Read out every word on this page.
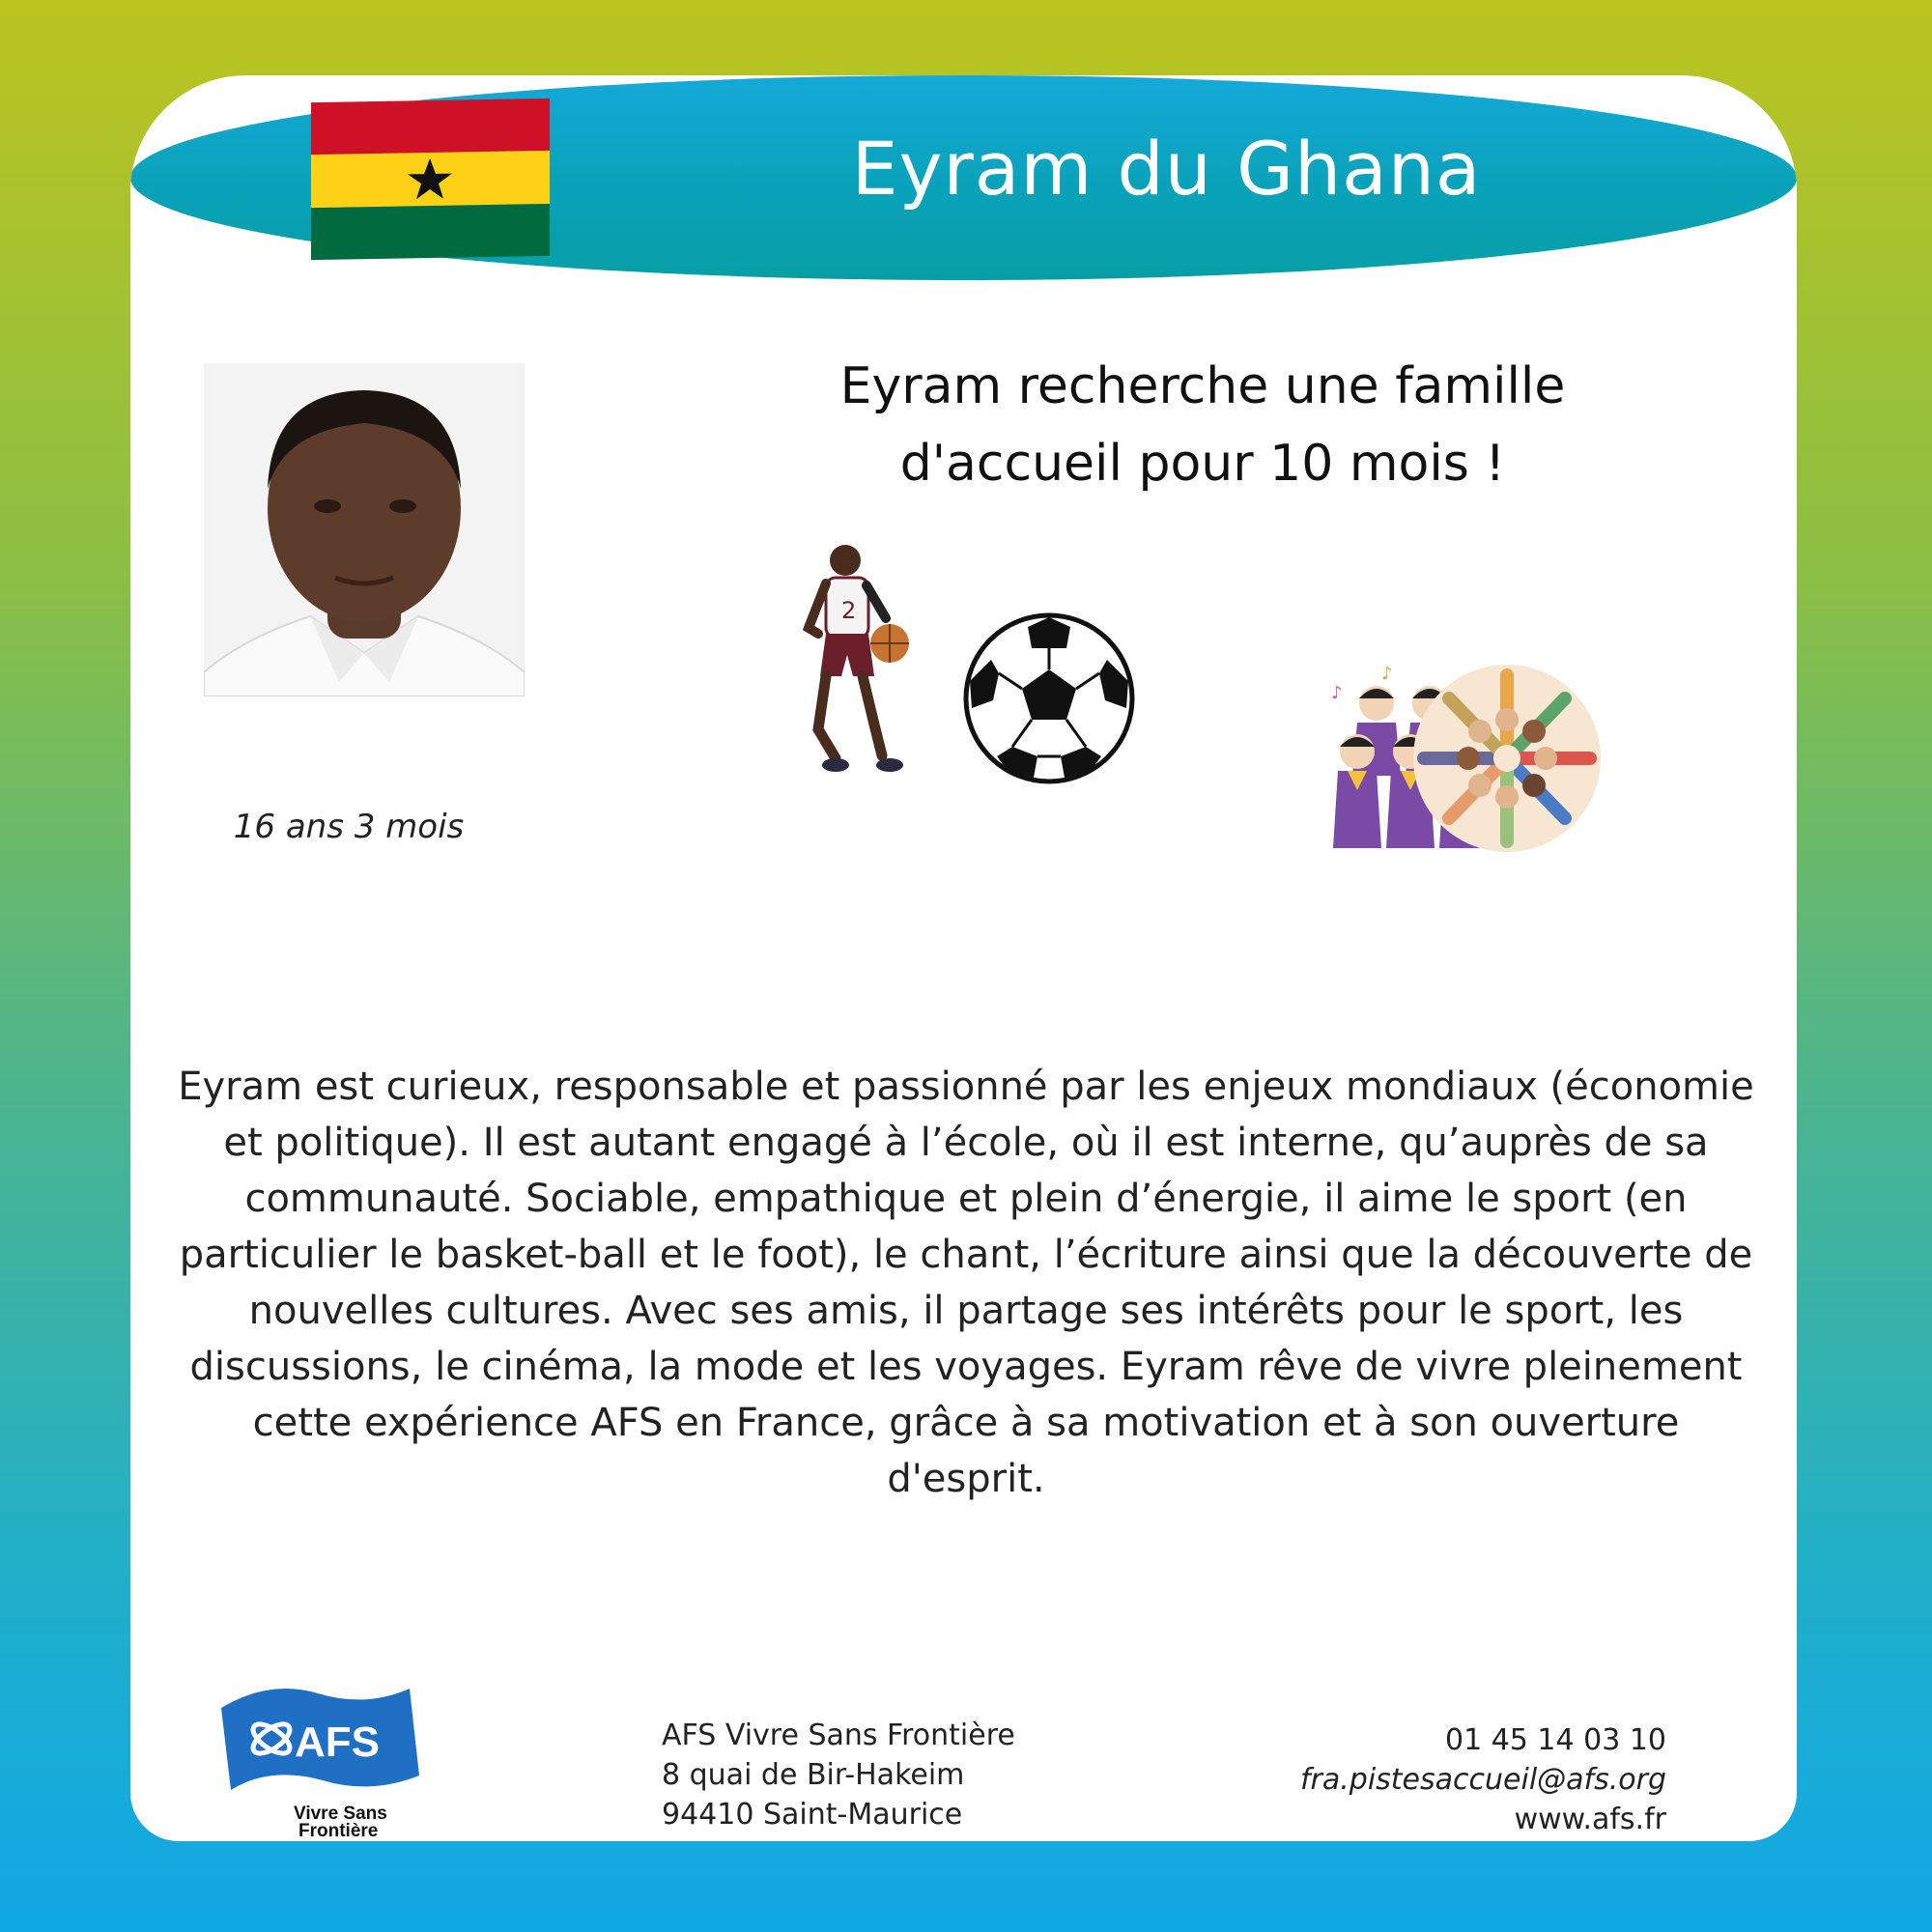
Eyram du Ghana
16 ans 3 mois
Eyram recherche une famille
d'accueil pour 10 mois !
2
♪
♪
Eyram est curieux, responsable et passionné par les enjeux mondiaux (économie et politique). Il est autant engagé à l’école, où il est interne, qu’auprès de sa communauté. Sociable, empathique et plein d’énergie, il aime le sport (en particulier le basket-ball et le foot), le chant, l’écriture ainsi que la découverte de nouvelles cultures. Avec ses amis, il partage ses intérêts pour le sport, les discussions, le cinéma, la mode et les voyages. Eyram rêve de vivre pleinement cette expérience AFS en France, grâce à sa motivation et à son ouverture d'esprit.
AFS
Vivre Sans
Frontière
AFS Vivre Sans Frontière
8 quai de Bir-Hakeim
94410 Saint-Maurice
01 45 14 03 10
fra.pistesaccueil@afs.org
www.afs.fr
